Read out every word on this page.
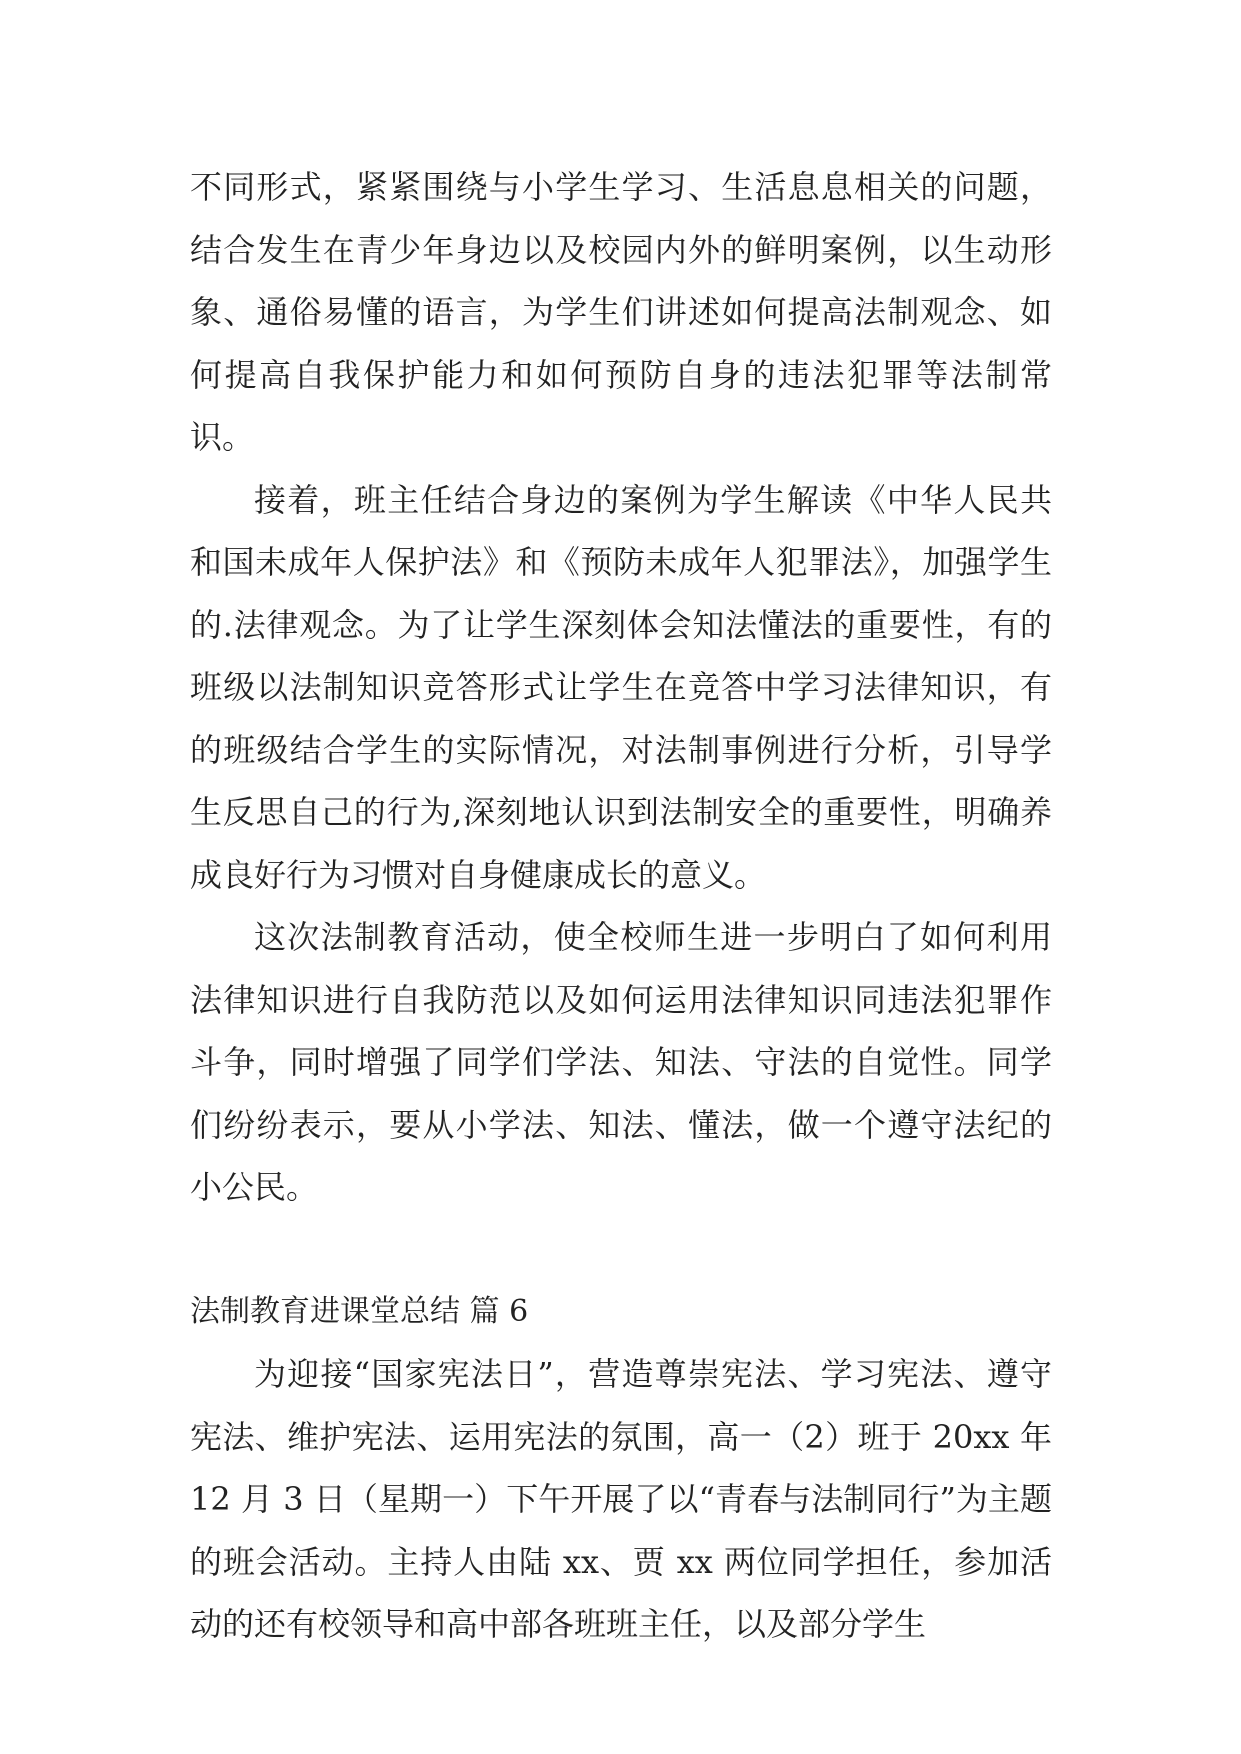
不同形式，紧紧围绕与小学生学习、生活息息相关的问题，结合发生在青少年身边以及校园内外的鲜明案例，以生动形象、通俗易懂的语言，为学生们讲述如何提高法制观念、如何提高自我保护能力和如何预防自身的违法犯罪等法制常识。

接着，班主任结合身边的案例为学生解读《中华人民共和国未成年人保护法》和《预防未成年人犯罪法》，加强学生的.法律观念。为了让学生深刻体会知法懂法的重要性，有的班级以法制知识竞答形式让学生在竞答中学习法律知识，有的班级结合学生的实际情况，对法制事例进行分析，引导学生反思自己的行为,深刻地认识到法制安全的重要性，明确养成良好行为习惯对自身健康成长的意义。

这次法制教育活动，使全校师生进一步明白了如何利用法律知识进行自我防范以及如何运用法律知识同违法犯罪作斗争，同时增强了同学们学法、知法、守法的自觉性。同学们纷纷表示，要从小学法、知法、懂法，做一个遵守法纪的小公民。

法制教育进课堂总结 篇 6

为迎接“国家宪法日”，营造尊崇宪法、学习宪法、遵守宪法、维护宪法、运用宪法的氛围，高一（2）班于 20xx 年 12 月 3 日（星期一）下午开展了以“青春与法制同行”为主题的班会活动。主持人由陆 xx、贾 xx 两位同学担任，参加活动的还有校领导和高中部各班班主任，以及部分学生
